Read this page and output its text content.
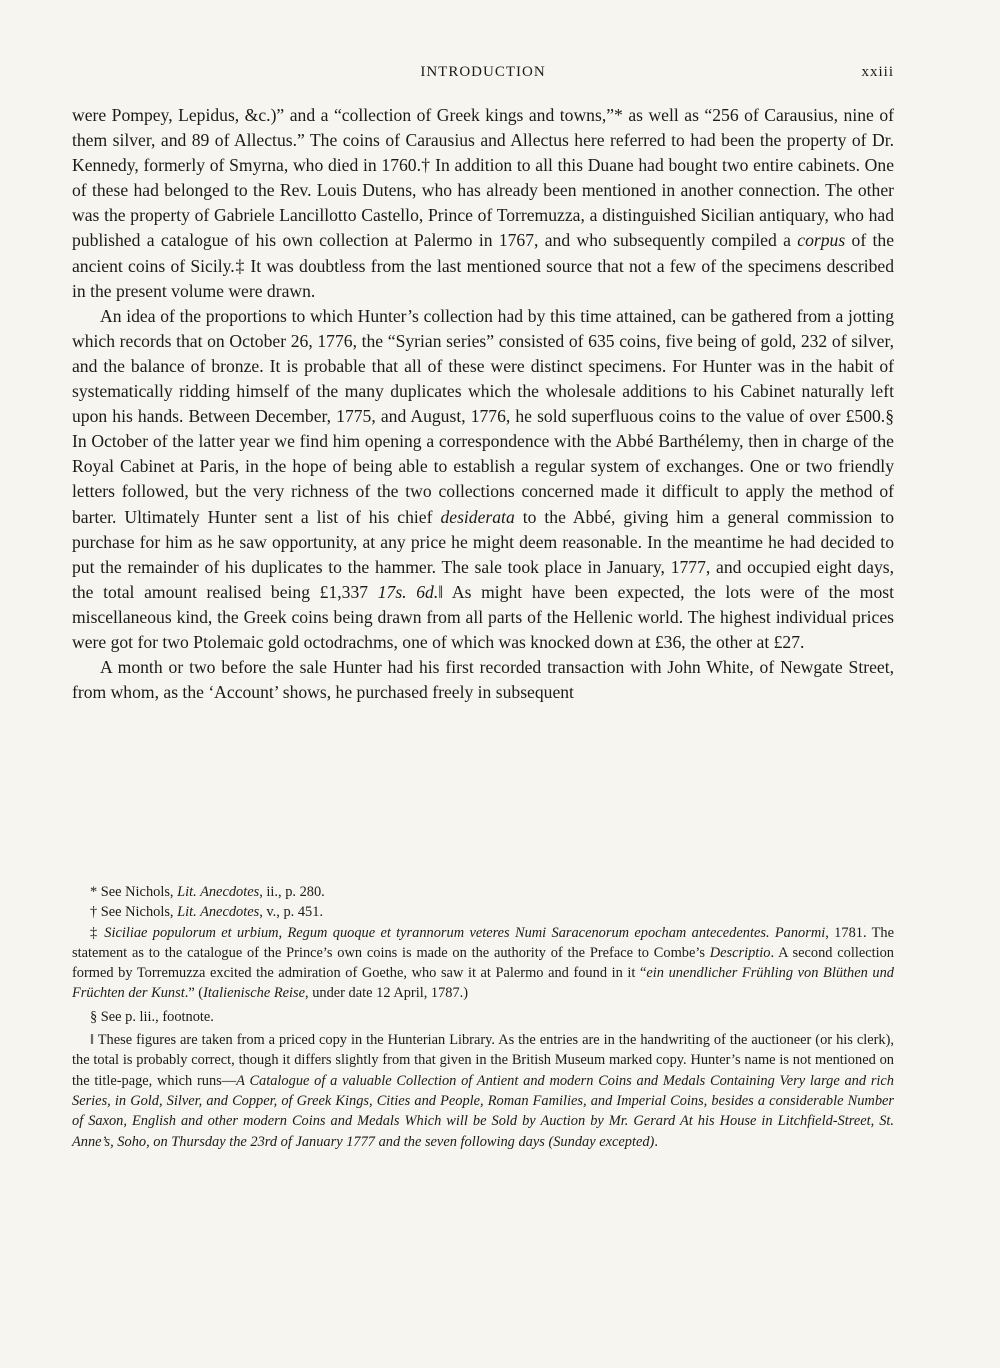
INTRODUCTION	xxiii

were Pompey, Lepidus, &c.)” and a “collection of Greek kings and towns,”* as well as “256 of Carausius, nine of them silver, and 89 of Allectus.” The coins of Carausius and Allectus here referred to had been the property of Dr. Kennedy, formerly of Smyrna, who died in 1760.† In addition to all this Duane had bought two entire cabinets. One of these had belonged to the Rev. Louis Dutens, who has already been mentioned in another connection. The other was the property of Gabriele Lancillotto Castello, Prince of Torremuzza, a distinguished Sicilian antiquary, who had published a catalogue of his own collection at Palermo in 1767, and who subsequently compiled a corpus of the ancient coins of Sicily.‡ It was doubtless from the last mentioned source that not a few of the specimens described in the present volume were drawn.

An idea of the proportions to which Hunter’s collection had by this time attained, can be gathered from a jotting which records that on October 26, 1776, the “Syrian series” consisted of 635 coins, five being of gold, 232 of silver, and the balance of bronze. It is probable that all of these were distinct specimens. For Hunter was in the habit of systematically ridding himself of the many duplicates which the wholesale additions to his Cabinet naturally left upon his hands. Between December, 1775, and August, 1776, he sold superfluous coins to the value of over £500.§ In October of the latter year we find him opening a correspondence with the Abbé Barthélemy, then in charge of the Royal Cabinet at Paris, in the hope of being able to establish a regular system of exchanges. One or two friendly letters followed, but the very richness of the two collections concerned made it difficult to apply the method of barter. Ultimately Hunter sent a list of his chief desiderata to the Abbé, giving him a general commission to purchase for him as he saw opportunity, at any price he might deem reasonable. In the meantime he had decided to put the remainder of his duplicates to the hammer. The sale took place in January, 1777, and occupied eight days, the total amount realised being £1,337 17s. 6d.‖ As might have been expected, the lots were of the most miscellaneous kind, the Greek coins being drawn from all parts of the Hellenic world. The highest individual prices were got for two Ptolemaic gold octodrachms, one of which was knocked down at £36, the other at £27.

A month or two before the sale Hunter had his first recorded transaction with John White, of Newgate Street, from whom, as the ‘Account’ shows, he purchased freely in subsequent

* See Nichols, Lit. Anecdotes, ii., p. 280.

† See Nichols, Lit. Anecdotes, v., p. 451.

‡ Siciliae populorum et urbium, Regum quoque et tyrannorum veteres Numi Saracenorum epocham antecedentes. Panormi, 1781. The statement as to the catalogue of the Prince’s own coins is made on the authority of the Preface to Combe’s Descriptio. A second collection formed by Torremuzza excited the admiration of Goethe, who saw it at Palermo and found in it “ein unendlicher Frühling von Blüthen und Früchten der Kunst.” (Italienische Reise, under date 12 April, 1787.)

§ See p. lii., footnote.

‖ These figures are taken from a priced copy in the Hunterian Library. As the entries are in the handwriting of the auctioneer (or his clerk), the total is probably correct, though it differs slightly from that given in the British Museum marked copy. Hunter’s name is not mentioned on the title-page, which runs—A Catalogue of a valuable Collection of Antient and modern Coins and Medals Containing Very large and rich Series, in Gold, Silver, and Copper, of Greek Kings, Cities and People, Roman Families, and Imperial Coins, besides a considerable Number of Saxon, English and other modern Coins and Medals Which will be Sold by Auction by Mr. Gerard At his House in Litchfield-Street, St. Anne’s, Soho, on Thursday the 23rd of January 1777 and the seven following days (Sunday excepted).
